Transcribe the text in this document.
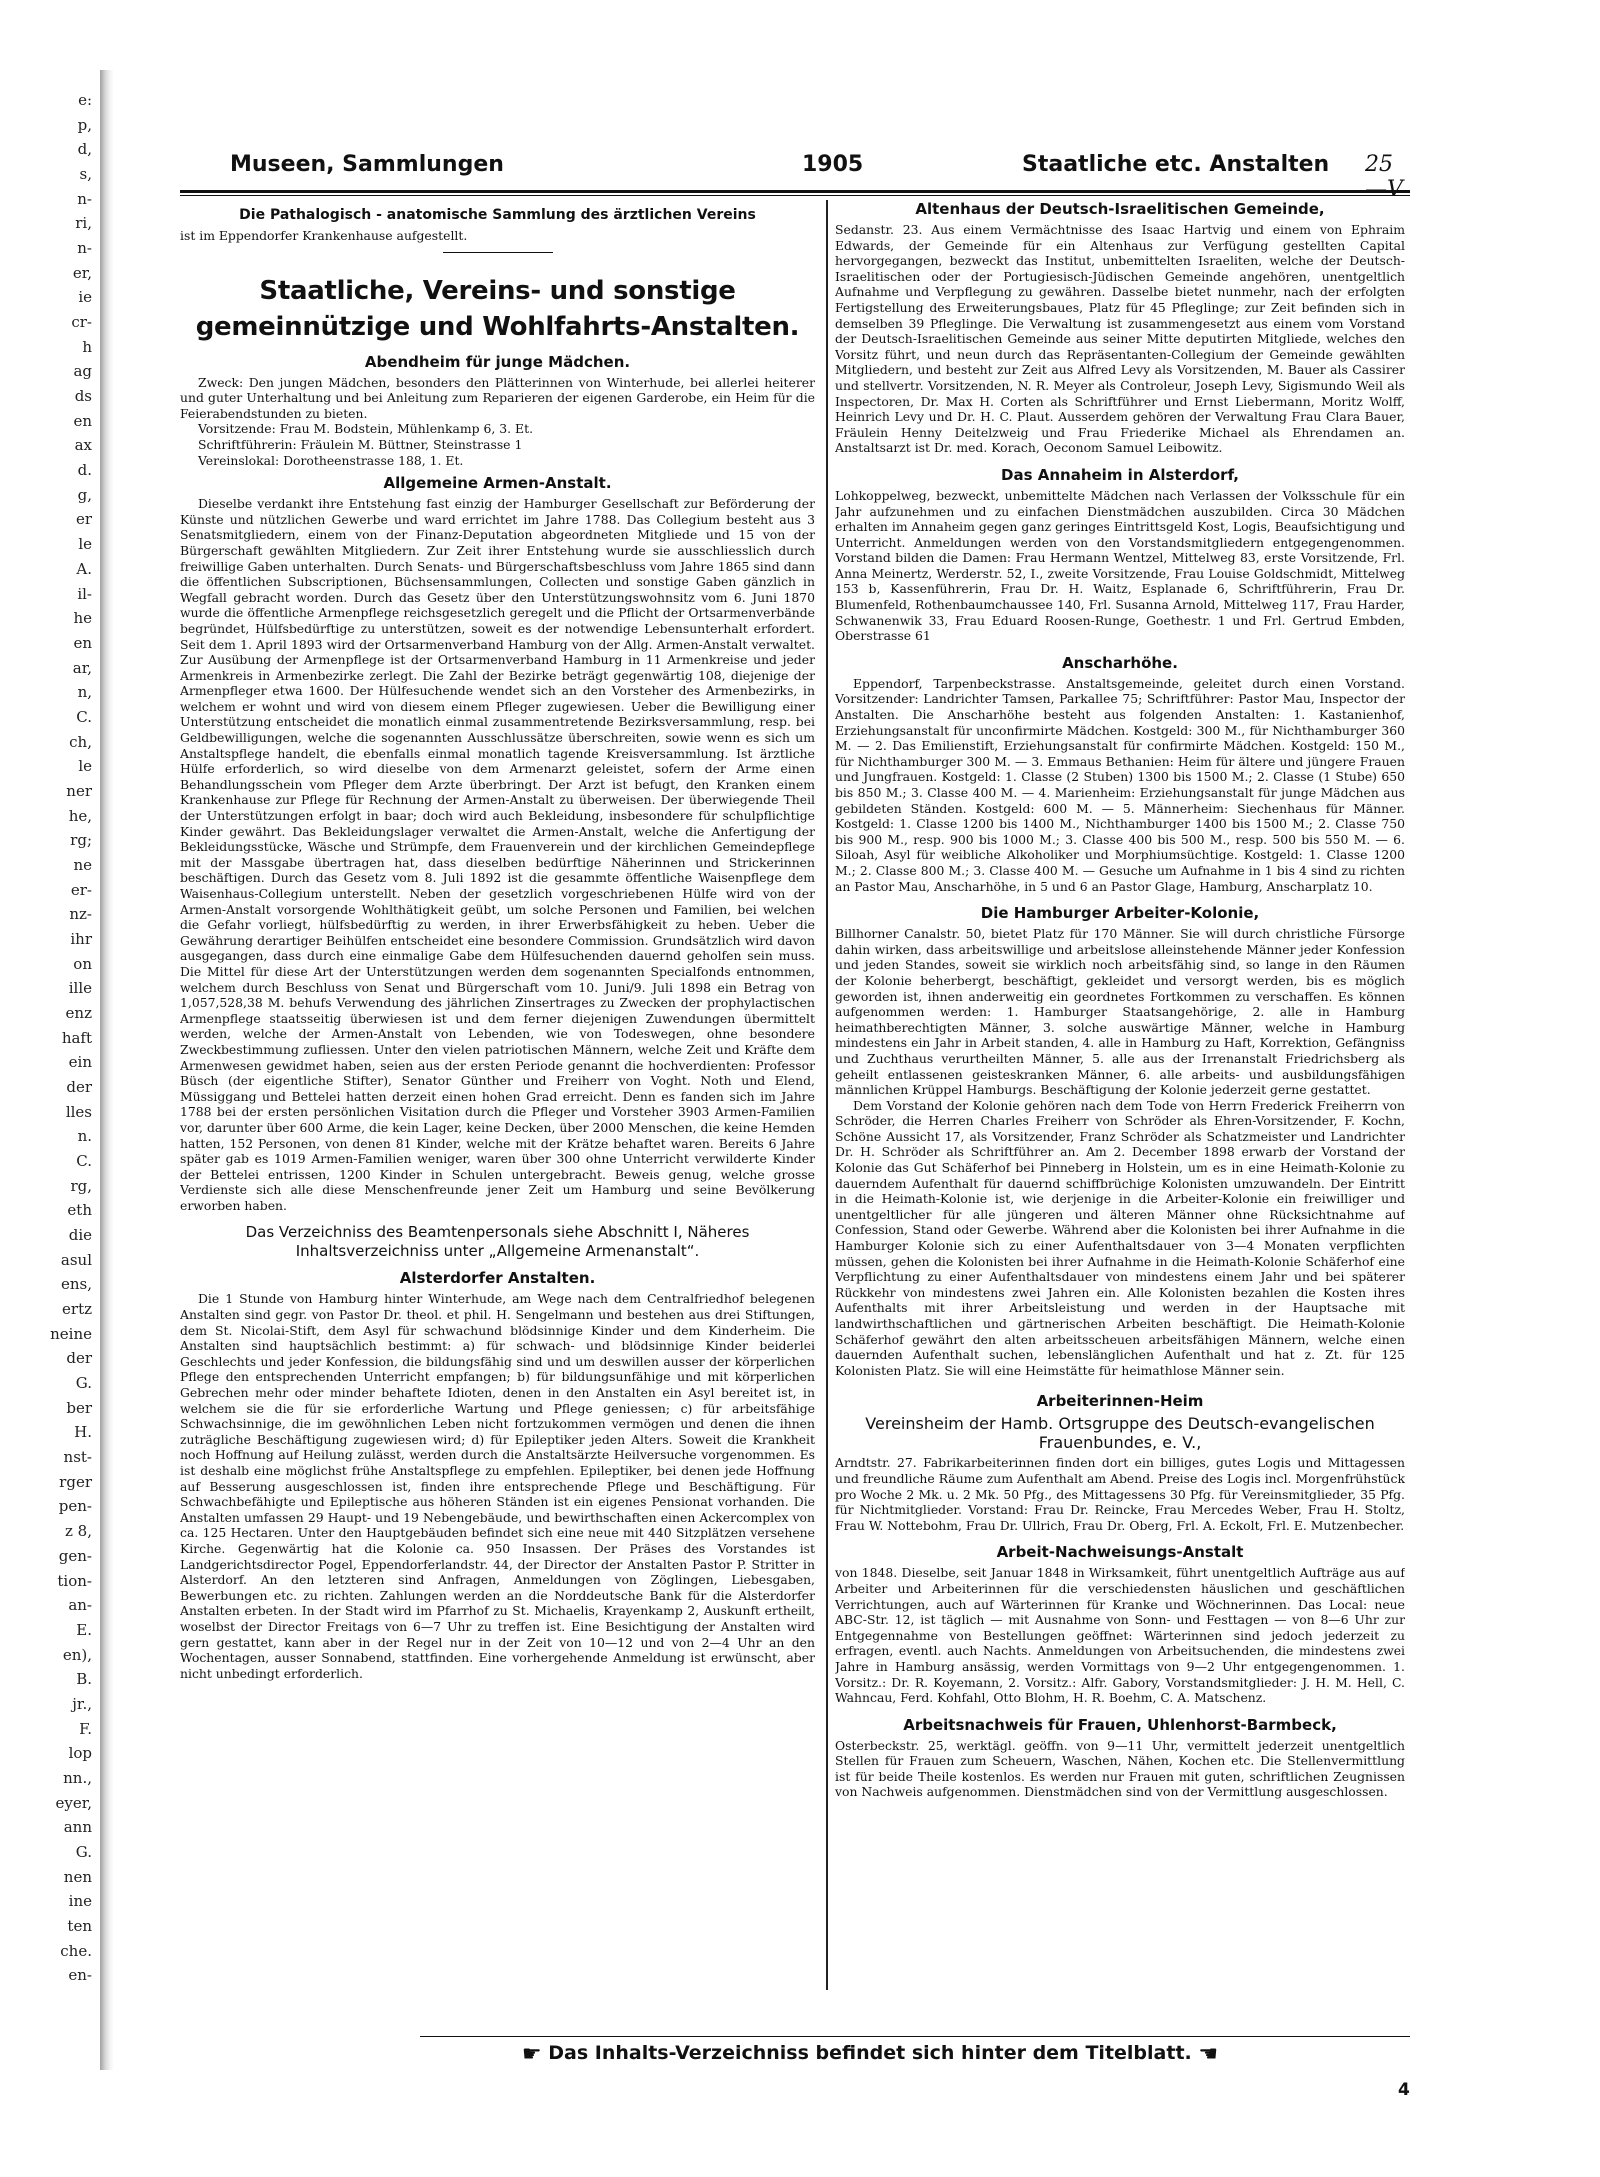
e:
p,
d,
s,
n-
ri,
n-
er,
ie
cr-
h
ag
ds
en
ax
d.
g,
er
le
A.
il-
he
en
ar,
n,
C.
ch,
le
ner
he,
rg;
ne
er-
nz-
ihr
on
ille
enz
haft
ein
der
lles
n.
C.
rg,
eth
die
asul
ens,
ertz
neine
der
G.
ber
H.
nst-
rger
pen-
z 8,
gen-
tion-
an-
E.
en),
B.
jr.,
F.
lop
nn.,
eyer,
ann
G.
nen
ine
ten
che.
en-
Museen, Sammlungen	1905	Staatliche etc. Anstalten 25
Die Pathalogisch - anatomische Sammlung des ärztlichen Vereins

ist im Eppendorfer Krankenhause aufgestellt.

Staatliche, Vereins- und sonstige gemeinnützige und Wohlfahrts-Anstalten.
Abendheim für junge Mädchen.

Zweck: Den jungen Mädchen, besonders den Plätterinnen von Winterhude, bei allerlei heiterer und guter Unterhaltung und bei Anleitung zum Reparieren der eigenen Garderobe, ein Heim für die Feierabendstunden zu bieten.

Vorsitzende: Frau M. Bodstein, Mühlenkamp 6, 3. Et.

Schriftführerin: Fräulein M. Büttner, Steinstrasse 1

Vereinslokal: Dorotheenstrasse 188, 1. Et.

Allgemeine Armen-Anstalt.

Dieselbe verdankt ihre Entstehung fast einzig der Hamburger Gesellschaft zur Beförderung der Künste und nützlichen Gewerbe und ward errichtet im Jahre 1788. Das Collegium besteht aus 3 Senatsmitgliedern, einem von der Finanz-Deputation abgeordneten Mitgliede und 15 von der Bürgerschaft gewählten Mitgliedern. Zur Zeit ihrer Entstehung wurde sie ausschliesslich durch freiwillige Gaben unterhalten. Durch Senats- und Bürgerschaftsbeschluss vom Jahre 1865 sind dann die öffentlichen Subscriptionen, Büchsensammlungen, Collecten und sonstige Gaben gänzlich in Wegfall gebracht worden. Durch das Gesetz über den Unterstützungswohnsitz vom 6. Juni 1870 wurde die öffentliche Armenpflege reichsgesetzlich geregelt und die Pflicht der Ortsarmenverbände begründet, Hülfsbedürftige zu unterstützen, soweit es der notwendige Lebensunterhalt erfordert. Seit dem 1. April 1893 wird der Ortsarmenverband Hamburg von der Allg. Armen-Anstalt verwaltet. Zur Ausübung der Armenpflege ist der Ortsarmenverband Hamburg in 11 Armenkreise und jeder Armenkreis in Armenbezirke zerlegt. Die Zahl der Bezirke beträgt gegenwärtig 108, diejenige der Armenpfleger etwa 1600. Der Hülfesuchende wendet sich an den Vorsteher des Armenbezirks, in welchem er wohnt und wird von diesem einem Pfleger zugewiesen. Ueber die Bewilligung einer Unterstützung entscheidet die monatlich einmal zusammentretende Bezirksversammlung, resp. bei Geldbewilligungen, welche die sogenannten Ausschlussätze überschreiten, sowie wenn es sich um Anstaltspflege handelt, die ebenfalls einmal monatlich tagende Kreisversammlung. Ist ärztliche Hülfe erforderlich, so wird dieselbe von dem Armenarzt geleistet, sofern der Arme einen Behandlungsschein vom Pfleger dem Arzte überbringt. Der Arzt ist befugt, den Kranken einem Krankenhause zur Pflege für Rechnung der Armen-Anstalt zu überweisen. Der überwiegende Theil der Unterstützungen erfolgt in baar; doch wird auch Bekleidung, insbesondere für schulpflichtige Kinder gewährt. Das Bekleidungslager verwaltet die Armen-Anstalt, welche die Anfertigung der Bekleidungsstücke, Wäsche und Strümpfe, dem Frauenverein und der kirchlichen Gemeindepflege mit der Massgabe übertragen hat, dass dieselben bedürftige Näherinnen und Strickerinnen beschäftigen. Durch das Gesetz vom 8. Juli 1892 ist die gesammte öffentliche Waisenpflege dem Waisenhaus-Collegium unterstellt. Neben der gesetzlich vorgeschriebenen Hülfe wird von der Armen-Anstalt vorsorgende Wohlthätigkeit geübt, um solche Personen und Familien, bei welchen die Gefahr vorliegt, hülfsbedürftig zu werden, in ihrer Erwerbsfähigkeit zu heben. Ueber die Gewährung derartiger Beihülfen entscheidet eine besondere Commission. Grundsätzlich wird davon ausgegangen, dass durch eine einmalige Gabe dem Hülfesuchenden dauernd geholfen sein muss. Die Mittel für diese Art der Unterstützungen werden dem sogenannten Specialfonds entnommen, welchem durch Beschluss von Senat und Bürgerschaft vom 10. Juni/9. Juli 1898 ein Betrag von 1,057,528,38 M. behufs Verwendung des jährlichen Zinsertrages zu Zwecken der prophylactischen Armenpflege staatsseitig überwiesen ist und dem ferner diejenigen Zuwendungen übermittelt werden, welche der Armen-Anstalt von Lebenden, wie von Todeswegen, ohne besondere Zweckbestimmung zufliessen. Unter den vielen patriotischen Männern, welche Zeit und Kräfte dem Armenwesen gewidmet haben, seien aus der ersten Periode genannt die hochverdienten: Professor Büsch (der eigentliche Stifter), Senator Günther und Freiherr von Voght. Noth und Elend, Müssiggang und Bettelei hatten derzeit einen hohen Grad erreicht. Denn es fanden sich im Jahre 1788 bei der ersten persönlichen Visitation durch die Pfleger und Vorsteher 3903 Armen-Familien vor, darunter über 600 Arme, die kein Lager, keine Decken, über 2000 Menschen, die keine Hemden hatten, 152 Personen, von denen 81 Kinder, welche mit der Krätze behaftet waren. Bereits 6 Jahre später gab es 1019 Armen-Familien weniger, waren über 300 ohne Unterricht verwilderte Kinder der Bettelei entrissen, 1200 Kinder in Schulen untergebracht. Beweis genug, welche grosse Verdienste sich alle diese Menschenfreunde jener Zeit um Hamburg und seine Bevölkerung erworben haben.

Das Verzeichniss des Beamtenpersonals siehe Abschnitt I, Näheres Inhaltsverzeichniss unter „Allgemeine Armenanstalt“.
Alsterdorfer Anstalten.

Die 1 Stunde von Hamburg hinter Winterhude, am Wege nach dem Centralfriedhof belegenen Anstalten sind gegr. von Pastor Dr. theol. et phil. H. Sengelmann und bestehen aus drei Stiftungen, dem St. Nicolai-Stift, dem Asyl für schwachund blödsinnige Kinder und dem Kinderheim. Die Anstalten sind hauptsächlich bestimmt: a) für schwach- und blödsinnige Kinder beiderlei Geschlechts und jeder Konfession, die bildungsfähig sind und um deswillen ausser der körperlichen Pflege den entsprechenden Unterricht empfangen; b) für bildungsunfähige und mit körperlichen Gebrechen mehr oder minder behaftete Idioten, denen in den Anstalten ein Asyl bereitet ist, in welchem sie die für sie erforderliche Wartung und Pflege geniessen; c) für arbeitsfähige Schwachsinnige, die im gewöhnlichen Leben nicht fortzukommen vermögen und denen die ihnen zuträgliche Beschäftigung zugewiesen wird; d) für Epileptiker jeden Alters. Soweit die Krankheit noch Hoffnung auf Heilung zulässt, werden durch die Anstaltsärzte Heilversuche vorgenommen. Es ist deshalb eine möglichst frühe Anstaltspflege zu empfehlen. Epileptiker, bei denen jede Hoffnung auf Besserung ausgeschlossen ist, finden ihre entsprechende Pflege und Beschäftigung. Für Schwachbefähigte und Epileptische aus höheren Ständen ist ein eigenes Pensionat vorhanden. Die Anstalten umfassen 29 Haupt- und 19 Nebengebäude, und bewirthschaften einen Ackercomplex von ca. 125 Hectaren. Unter den Hauptgebäuden befindet sich eine neue mit 440 Sitzplätzen versehene Kirche. Gegenwärtig hat die Kolonie ca. 950 Insassen. Der Präses des Vorstandes ist Landgerichtsdirector Pogel, Eppendorferlandstr. 44, der Director der Anstalten Pastor P. Stritter in Alsterdorf. An den letzteren sind Anfragen, Anmeldungen von Zöglingen, Liebesgaben, Bewerbungen etc. zu richten. Zahlungen werden an die Norddeutsche Bank für die Alsterdorfer Anstalten erbeten. In der Stadt wird im Pfarrhof zu St. Michaelis, Krayenkamp 2, Auskunft ertheilt, woselbst der Director Freitags von 6—7 Uhr zu treffen ist. Eine Besichtigung der Anstalten wird gern gestattet, kann aber in der Regel nur in der Zeit von 10—12 und von 2—4 Uhr an den Wochentagen, ausser Sonnabend, stattfinden. Eine vorhergehende Anmeldung ist erwünscht, aber nicht unbedingt erforderlich.

Altenhaus der Deutsch-Israelitischen Gemeinde,

Sedanstr. 23. Aus einem Vermächtnisse des Isaac Hartvig und einem von Ephraim Edwards, der Gemeinde für ein Altenhaus zur Verfügung gestellten Capital hervorgegangen, bezweckt das Institut, unbemittelten Israeliten, welche der Deutsch-Israelitischen oder der Portugiesisch-Jüdischen Gemeinde angehören, unentgeltlich Aufnahme und Verpflegung zu gewähren. Dasselbe bietet nunmehr, nach der erfolgten Fertigstellung des Erweiterungsbaues, Platz für 45 Pfleglinge; zur Zeit befinden sich in demselben 39 Pfleglinge. Die Verwaltung ist zusammengesetzt aus einem vom Vorstand der Deutsch-Israelitischen Gemeinde aus seiner Mitte deputirten Mitgliede, welches den Vorsitz führt, und neun durch das Repräsentanten-Collegium der Gemeinde gewählten Mitgliedern, und besteht zur Zeit aus Alfred Levy als Vorsitzenden, M. Bauer als Cassirer und stellvertr. Vorsitzenden, N. R. Meyer als Controleur, Joseph Levy, Sigismundo Weil als Inspectoren, Dr. Max H. Corten als Schriftführer und Ernst Liebermann, Moritz Wolff, Heinrich Levy und Dr. H. C. Plaut. Ausserdem gehören der Verwaltung Frau Clara Bauer, Fräulein Henny Deitelzweig und Frau Friederike Michael als Ehrendamen an. Anstaltsarzt ist Dr. med. Korach, Oeconom Samuel Leibowitz.

Das Annaheim in Alsterdorf,

Lohkoppelweg, bezweckt, unbemittelte Mädchen nach Verlassen der Volksschule für ein Jahr aufzunehmen und zu einfachen Dienstmädchen auszubilden. Circa 30 Mädchen erhalten im Annaheim gegen ganz geringes Eintrittsgeld Kost, Logis, Beaufsichtigung und Unterricht. Anmeldungen werden von den Vorstandsmitgliedern entgegengenommen. Vorstand bilden die Damen: Frau Hermann Wentzel, Mittelweg 83, erste Vorsitzende, Frl. Anna Meinertz, Werderstr. 52, I., zweite Vorsitzende, Frau Louise Goldschmidt, Mittelweg 153 b, Kassenführerin, Frau Dr. H. Waitz, Esplanade 6, Schriftführerin, Frau Dr. Blumenfeld, Rothenbaumchaussee 140, Frl. Susanna Arnold, Mittelweg 117, Frau Harder, Schwanenwik 33, Frau Eduard Roosen-Runge, Goethestr. 1 und Frl. Gertrud Embden, Oberstrasse 61

Anscharhöhe.

Eppendorf, Tarpenbeckstrasse. Anstaltsgemeinde, geleitet durch einen Vorstand. Vorsitzender: Landrichter Tamsen, Parkallee 75; Schriftführer: Pastor Mau, Inspector der Anstalten. Die Anscharhöhe besteht aus folgenden Anstalten: 1. Kastanienhof, Erziehungsanstalt für unconfirmirte Mädchen. Kostgeld: 300 M., für Nichthamburger 360 M. — 2. Das Emilienstift, Erziehungsanstalt für confirmirte Mädchen. Kostgeld: 150 M., für Nichthamburger 300 M. — 3. Emmaus Bethanien: Heim für ältere und jüngere Frauen und Jungfrauen. Kostgeld: 1. Classe (2 Stuben) 1300 bis 1500 M.; 2. Classe (1 Stube) 650 bis 850 M.; 3. Classe 400 M. — 4. Marienheim: Erziehungsanstalt für junge Mädchen aus gebildeten Ständen. Kostgeld: 600 M. — 5. Männerheim: Siechenhaus für Männer. Kostgeld: 1. Classe 1200 bis 1400 M., Nichthamburger 1400 bis 1500 M.; 2. Classe 750 bis 900 M., resp. 900 bis 1000 M.; 3. Classe 400 bis 500 M., resp. 500 bis 550 M. — 6. Siloah, Asyl für weibliche Alkoholiker und Morphiumsüchtige. Kostgeld: 1. Classe 1200 M.; 2. Classe 800 M.; 3. Classe 400 M. — Gesuche um Aufnahme in 1 bis 4 sind zu richten an Pastor Mau, Anscharhöhe, in 5 und 6 an Pastor Glage, Hamburg, Anscharplatz 10.

Die Hamburger Arbeiter-Kolonie,

Billhorner Canalstr. 50, bietet Platz für 170 Männer. Sie will durch christliche Fürsorge dahin wirken, dass arbeitswillige und arbeitslose alleinstehende Männer jeder Konfession und jeden Standes, soweit sie wirklich noch arbeitsfähig sind, so lange in den Räumen der Kolonie beherbergt, beschäftigt, gekleidet und versorgt werden, bis es möglich geworden ist, ihnen anderweitig ein geordnetes Fortkommen zu verschaffen. Es können aufgenommen werden: 1. Hamburger Staatsangehörige, 2. alle in Hamburg heimathberechtigten Männer, 3. solche auswärtige Männer, welche in Hamburg mindestens ein Jahr in Arbeit standen, 4. alle in Hamburg zu Haft, Korrektion, Gefängniss und Zuchthaus verurtheilten Männer, 5. alle aus der Irrenanstalt Friedrichsberg als geheilt entlassenen geisteskranken Männer, 6. alle arbeits- und ausbildungsfähigen männlichen Krüppel Hamburgs. Beschäftigung der Kolonie jederzeit gerne gestattet.

Dem Vorstand der Kolonie gehören nach dem Tode von Herrn Frederick Freiherrn von Schröder, die Herren Charles Freiherr von Schröder als Ehren-Vorsitzender, F. Kochn, Schöne Aussicht 17, als Vorsitzender, Franz Schröder als Schatzmeister und Landrichter Dr. H. Schröder als Schriftführer an. Am 2. December 1898 erwarb der Vorstand der Kolonie das Gut Schäferhof bei Pinneberg in Holstein, um es in eine Heimath-Kolonie zu dauerndem Aufenthalt für dauernd schiffbrüchige Kolonisten umzuwandeln. Der Eintritt in die Heimath-Kolonie ist, wie derjenige in die Arbeiter-Kolonie ein freiwilliger und unentgeltlicher für alle jüngeren und älteren Männer ohne Rücksichtnahme auf Confession, Stand oder Gewerbe. Während aber die Kolonisten bei ihrer Aufnahme in die Hamburger Kolonie sich zu einer Aufenthaltsdauer von 3—4 Monaten verpflichten müssen, gehen die Kolonisten bei ihrer Aufnahme in die Heimath-Kolonie Schäferhof eine Verpflichtung zu einer Aufenthaltsdauer von mindestens einem Jahr und bei späterer Rückkehr von mindestens zwei Jahren ein. Alle Kolonisten bezahlen die Kosten ihres Aufenthalts mit ihrer Arbeitsleistung und werden in der Hauptsache mit landwirthschaftlichen und gärtnerischen Arbeiten beschäftigt. Die Heimath-Kolonie Schäferhof gewährt den alten arbeitsscheuen arbeitsfähigen Männern, welche einen dauernden Aufenthalt suchen, lebenslänglichen Aufenthalt und hat z. Zt. für 125 Kolonisten Platz. Sie will eine Heimstätte für heimathlose Männer sein.

Arbeiterinnen-Heim
Vereinsheim der Hamb. Ortsgruppe des Deutsch-evangelischen Frauenbundes, e. V.,

Arndtstr. 27. Fabrikarbeiterinnen finden dort ein billiges, gutes Logis und Mittagessen und freundliche Räume zum Aufenthalt am Abend. Preise des Logis incl. Morgenfrühstück pro Woche 2 Mk. u. 2 Mk. 50 Pfg., des Mittagessens 30 Pfg. für Vereinsmitglieder, 35 Pfg. für Nichtmitglieder. Vorstand: Frau Dr. Reincke, Frau Mercedes Weber, Frau H. Stoltz, Frau W. Nottebohm, Frau Dr. Ullrich, Frau Dr. Oberg, Frl. A. Eckolt, Frl. E. Mutzenbecher.

Arbeit-Nachweisungs-Anstalt

von 1848. Dieselbe, seit Januar 1848 in Wirksamkeit, führt unentgeltlich Aufträge aus auf Arbeiter und Arbeiterinnen für die verschiedensten häuslichen und geschäftlichen Verrichtungen, auch auf Wärterinnen für Kranke und Wöchnerinnen. Das Local: neue ABC-Str. 12, ist täglich — mit Ausnahme von Sonn- und Festtagen — von 8—6 Uhr zur Entgegennahme von Bestellungen geöffnet: Wärterinnen sind jedoch jederzeit zu erfragen, eventl. auch Nachts. Anmeldungen von Arbeitsuchenden, die mindestens zwei Jahre in Hamburg ansässig, werden Vormittags von 9—2 Uhr entgegengenommen. 1. Vorsitz.: Dr. R. Koyemann, 2. Vorsitz.: Alfr. Gabory, Vorstandsmitglieder: J. H. M. Hell, C. Wahncau, Ferd. Kohfahl, Otto Blohm, H. R. Boehm, C. A. Matschenz.

Arbeitsnachweis für Frauen, Uhlenhorst-Barmbeck,

Osterbeckstr. 25, werktägl. geöffn. von 9—11 Uhr, vermittelt jederzeit unentgeltlich Stellen für Frauen zum Scheuern, Waschen, Nähen, Kochen etc. Die Stellenvermittlung ist für beide Theile kostenlos. Es werden nur Frauen mit guten, schriftlichen Zeugnissen von Nachweis aufgenommen. Dienstmädchen sind von der Vermittlung ausgeschlossen.

☛ Das Inhalts-Verzeichniss befindet sich hinter dem Titelblatt. ☚
4
